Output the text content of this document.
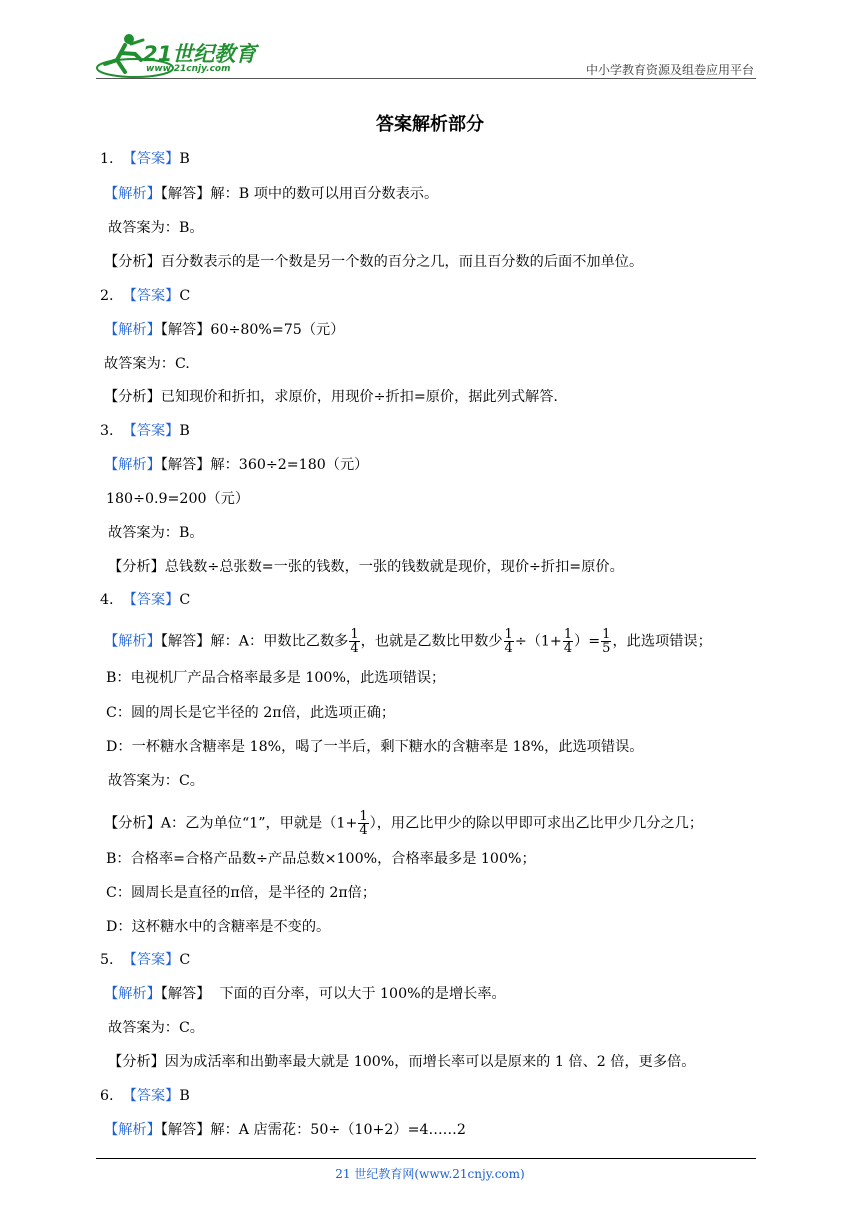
21世纪教育
www.21cnjy.com	中小学教育资源及组卷应用平台
答案解析部分
1. 【答案】B
【解析】【解答】解：B 项中的数可以用百分数表示。
故答案为：B。
【分析】百分数表示的是一个数是另一个数的百分之几，而且百分数的后面不加单位。
2. 【答案】C
【解析】【解答】60÷80%=75（元）
故答案为：C.
【分析】已知现价和折扣，求原价，用现价÷折扣=原价，据此列式解答.
3. 【答案】B
【解析】【解答】解：360÷2=180（元）
180÷0.9=200（元）
故答案为：B。
【分析】总钱数÷总张数=一张的钱数，一张的钱数就是现价，现价÷折扣=原价。
4. 【答案】C
【解析】【解答】解：A：甲数比乙数多 $\frac{1}{4}$ ，也就是乙数比甲数少 $\frac{1}{4} \div(1+ \frac{1}{4}$ ）= $\frac{1}{5}$ ，此选项错误；
B：电视机厂产品合格率最多是 100%，此选项错误；
C：圆的周长是它半径的 2π倍，此选项正确；
D：一杯糖水含糖率是 18%，喝了一半后，剩下糖水的含糖率是 18%，此选项错误。
故答案为：C。
【分析】A：乙为单位“1”，甲就是（$1+ \frac{1}{4}$ ），用乙比甲少的除以甲即可求出乙比甲少几分之几；
B：合格率=合格产品数÷产品总数×100%，合格率最多是 100%；
C：圆周长是直径的π倍，是半径的 2π倍；
D：这杯糖水中的含糖率是不变的。
5. 【答案】C
【解析】【解答】  下面的百分率，可以大于 100%的是增长率。
故答案为：C。
【分析】因为成活率和出勤率最大就是 100%，而增长率可以是原来的 1 倍、2 倍，更多倍。
6. 【答案】B
【解析】【解答】解：A 店需花：50÷（10+2）=4……2
21 世纪教育网(www.21cnjy.com)
